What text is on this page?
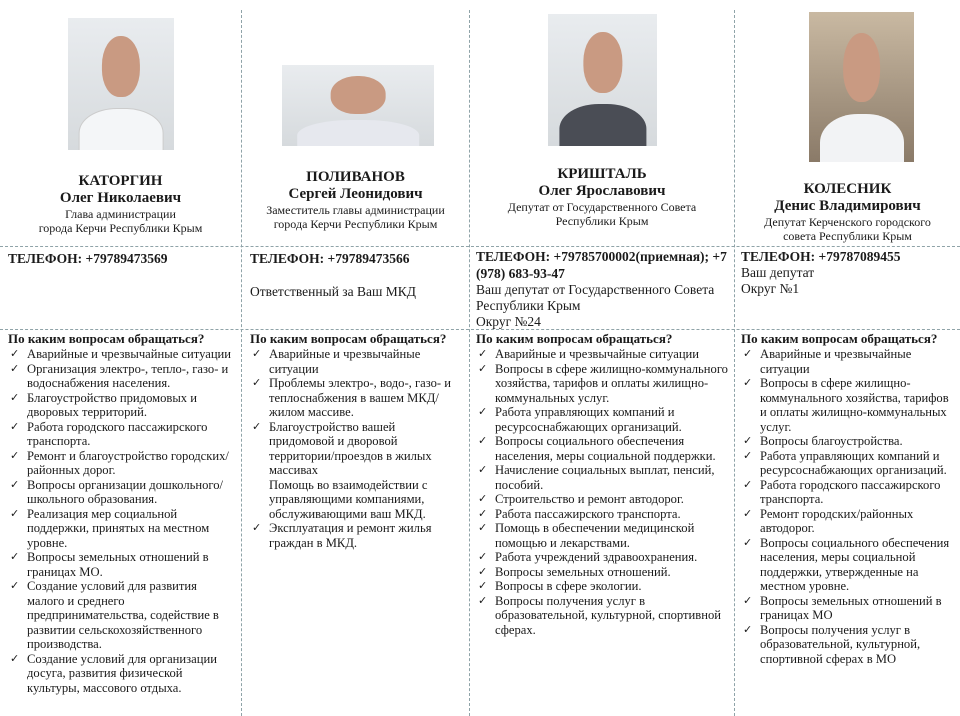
КАТОРГИН
Олег Николаевич
Глава администрации
города Керчи Республики Крым
ТЕЛЕФОН: +79789473569
По каким вопросам обращаться?
✓ Аварийные и чрезвычайные ситуации
✓ Организация электро-, тепло-, газо- и водоснабжения населения.
✓ Благоустройство придомовых и дворовых территорий.
✓ Работа городского пассажирского транспорта.
✓ Ремонт и благоустройство городских/районных дорог.
✓ Вопросы организации дошкольного/школьного образования.
✓ Реализация мер социальной поддержки, принятых на местном уровне.
✓ Вопросы земельных отношений в границах МО.
✓ Создание условий для развития малого и среднего предпринимательства, содействие в развитии сельскохозяйственного производства.
✓ Создание условий для организации досуга, развития физической культуры, массового отдыха.
ПОЛИВАНОВ
Сергей Леонидович
Заместитель главы администрации
города Керчи Республики Крым
ТЕЛЕФОН: +79789473566
Ответственный за Ваш МКД
По каким вопросам обращаться?
✓ Аварийные и чрезвычайные ситуации
✓ Проблемы электро-, водо-, газо- и теплоснабжения в вашем МКД/жилом массиве.
✓ Благоустройство вашей придомовой и дворовой территории/проездов в жилых массивах
Помощь во взаимодействии с управляющими компаниями, обслуживающими ваш МКД.
✓ Эксплуатация и ремонт жилья граждан в МКД.
КРИШТАЛЬ
Олег Ярославович
Депутат от Государственного Совета
Республики Крым
ТЕЛЕФОН: +79785700002(приемная); +7 (978) 683-93-47
Ваш депутат от Государственного Совета Республики Крым
Округ №24
По каким вопросам обращаться?
✓ Аварийные и чрезвычайные ситуации
✓ Вопросы в сфере жилищно-коммунального хозяйства, тарифов и оплаты жилищно-коммунальных услуг.
✓ Работа управляющих компаний и ресурсоснабжающих организаций.
✓ Вопросы социального обеспечения населения, меры социальной поддержки.
✓ Начисление социальных выплат, пенсий, пособий.
✓ Строительство и ремонт автодорог.
✓ Работа пассажирского транспорта.
✓ Помощь в обеспечении медицинской помощью и лекарствами.
✓ Работа учреждений здравоохранения.
✓ Вопросы земельных отношений.
✓ Вопросы в сфере экологии.
✓ Вопросы получения услуг в образовательной, культурной, спортивной сферах.
КОЛЕСНИК
Денис Владимирович
Депутат Керченского городского
совета Республики Крым
ТЕЛЕФОН: +79787089455
Ваш депутат
Округ №1
По каким вопросам обращаться?
✓ Аварийные и чрезвычайные ситуации
✓ Вопросы в сфере жилищно-коммунального хозяйства, тарифов и оплаты жилищно-коммунальных услуг.
✓ Вопросы благоустройства.
✓ Работа управляющих компаний и ресурсоснабжающих организаций.
✓ Работа городского пассажирского транспорта.
✓ Ремонт городских/районных автодорог.
✓ Вопросы социального обеспечения населения, меры социальной поддержки, утвержденные на местном уровне.
✓ Вопросы земельных отношений в границах МО
✓ Вопросы получения услуг в образовательной, культурной, спортивной сферах в МО
